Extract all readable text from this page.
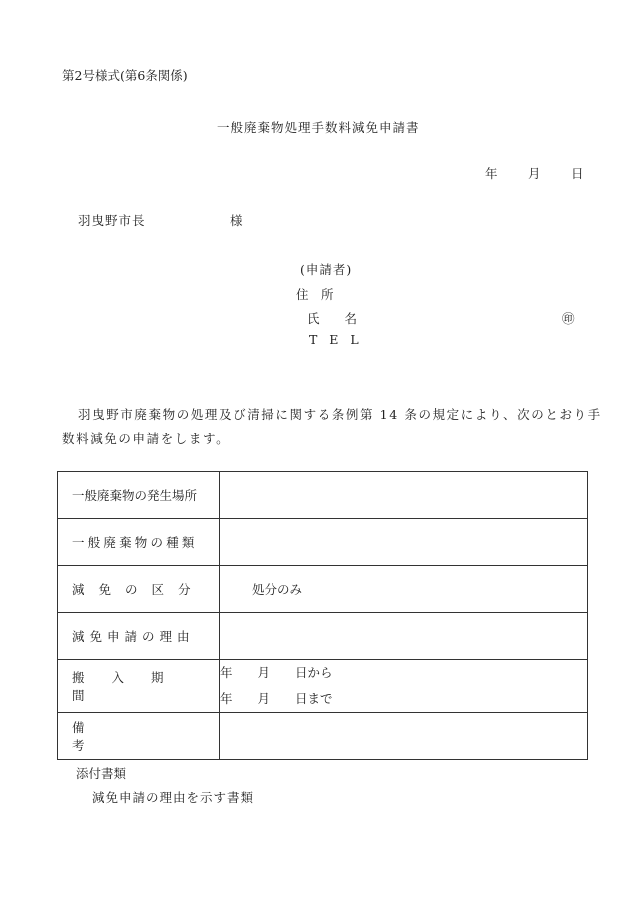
第2号様式(第6条関係)
一般廃棄物処理手数料減免申請書
年 月 日
羽曳野市長	様
(申請者)
住　所
氏　　名	㊞
T E L
羽曳野市廃棄物の処理及び清掃に関する条例第 14 条の規定により、次のとおり手
数料減免の申請をします。
一般廃棄物の発生場所	
一般廃棄物の種類	
減免の区分	処分のみ
減免申請の理由	
搬入期間	年　　月　　日から
年　　月　　日まで

備考	
添付書類
減免申請の理由を示す書類
